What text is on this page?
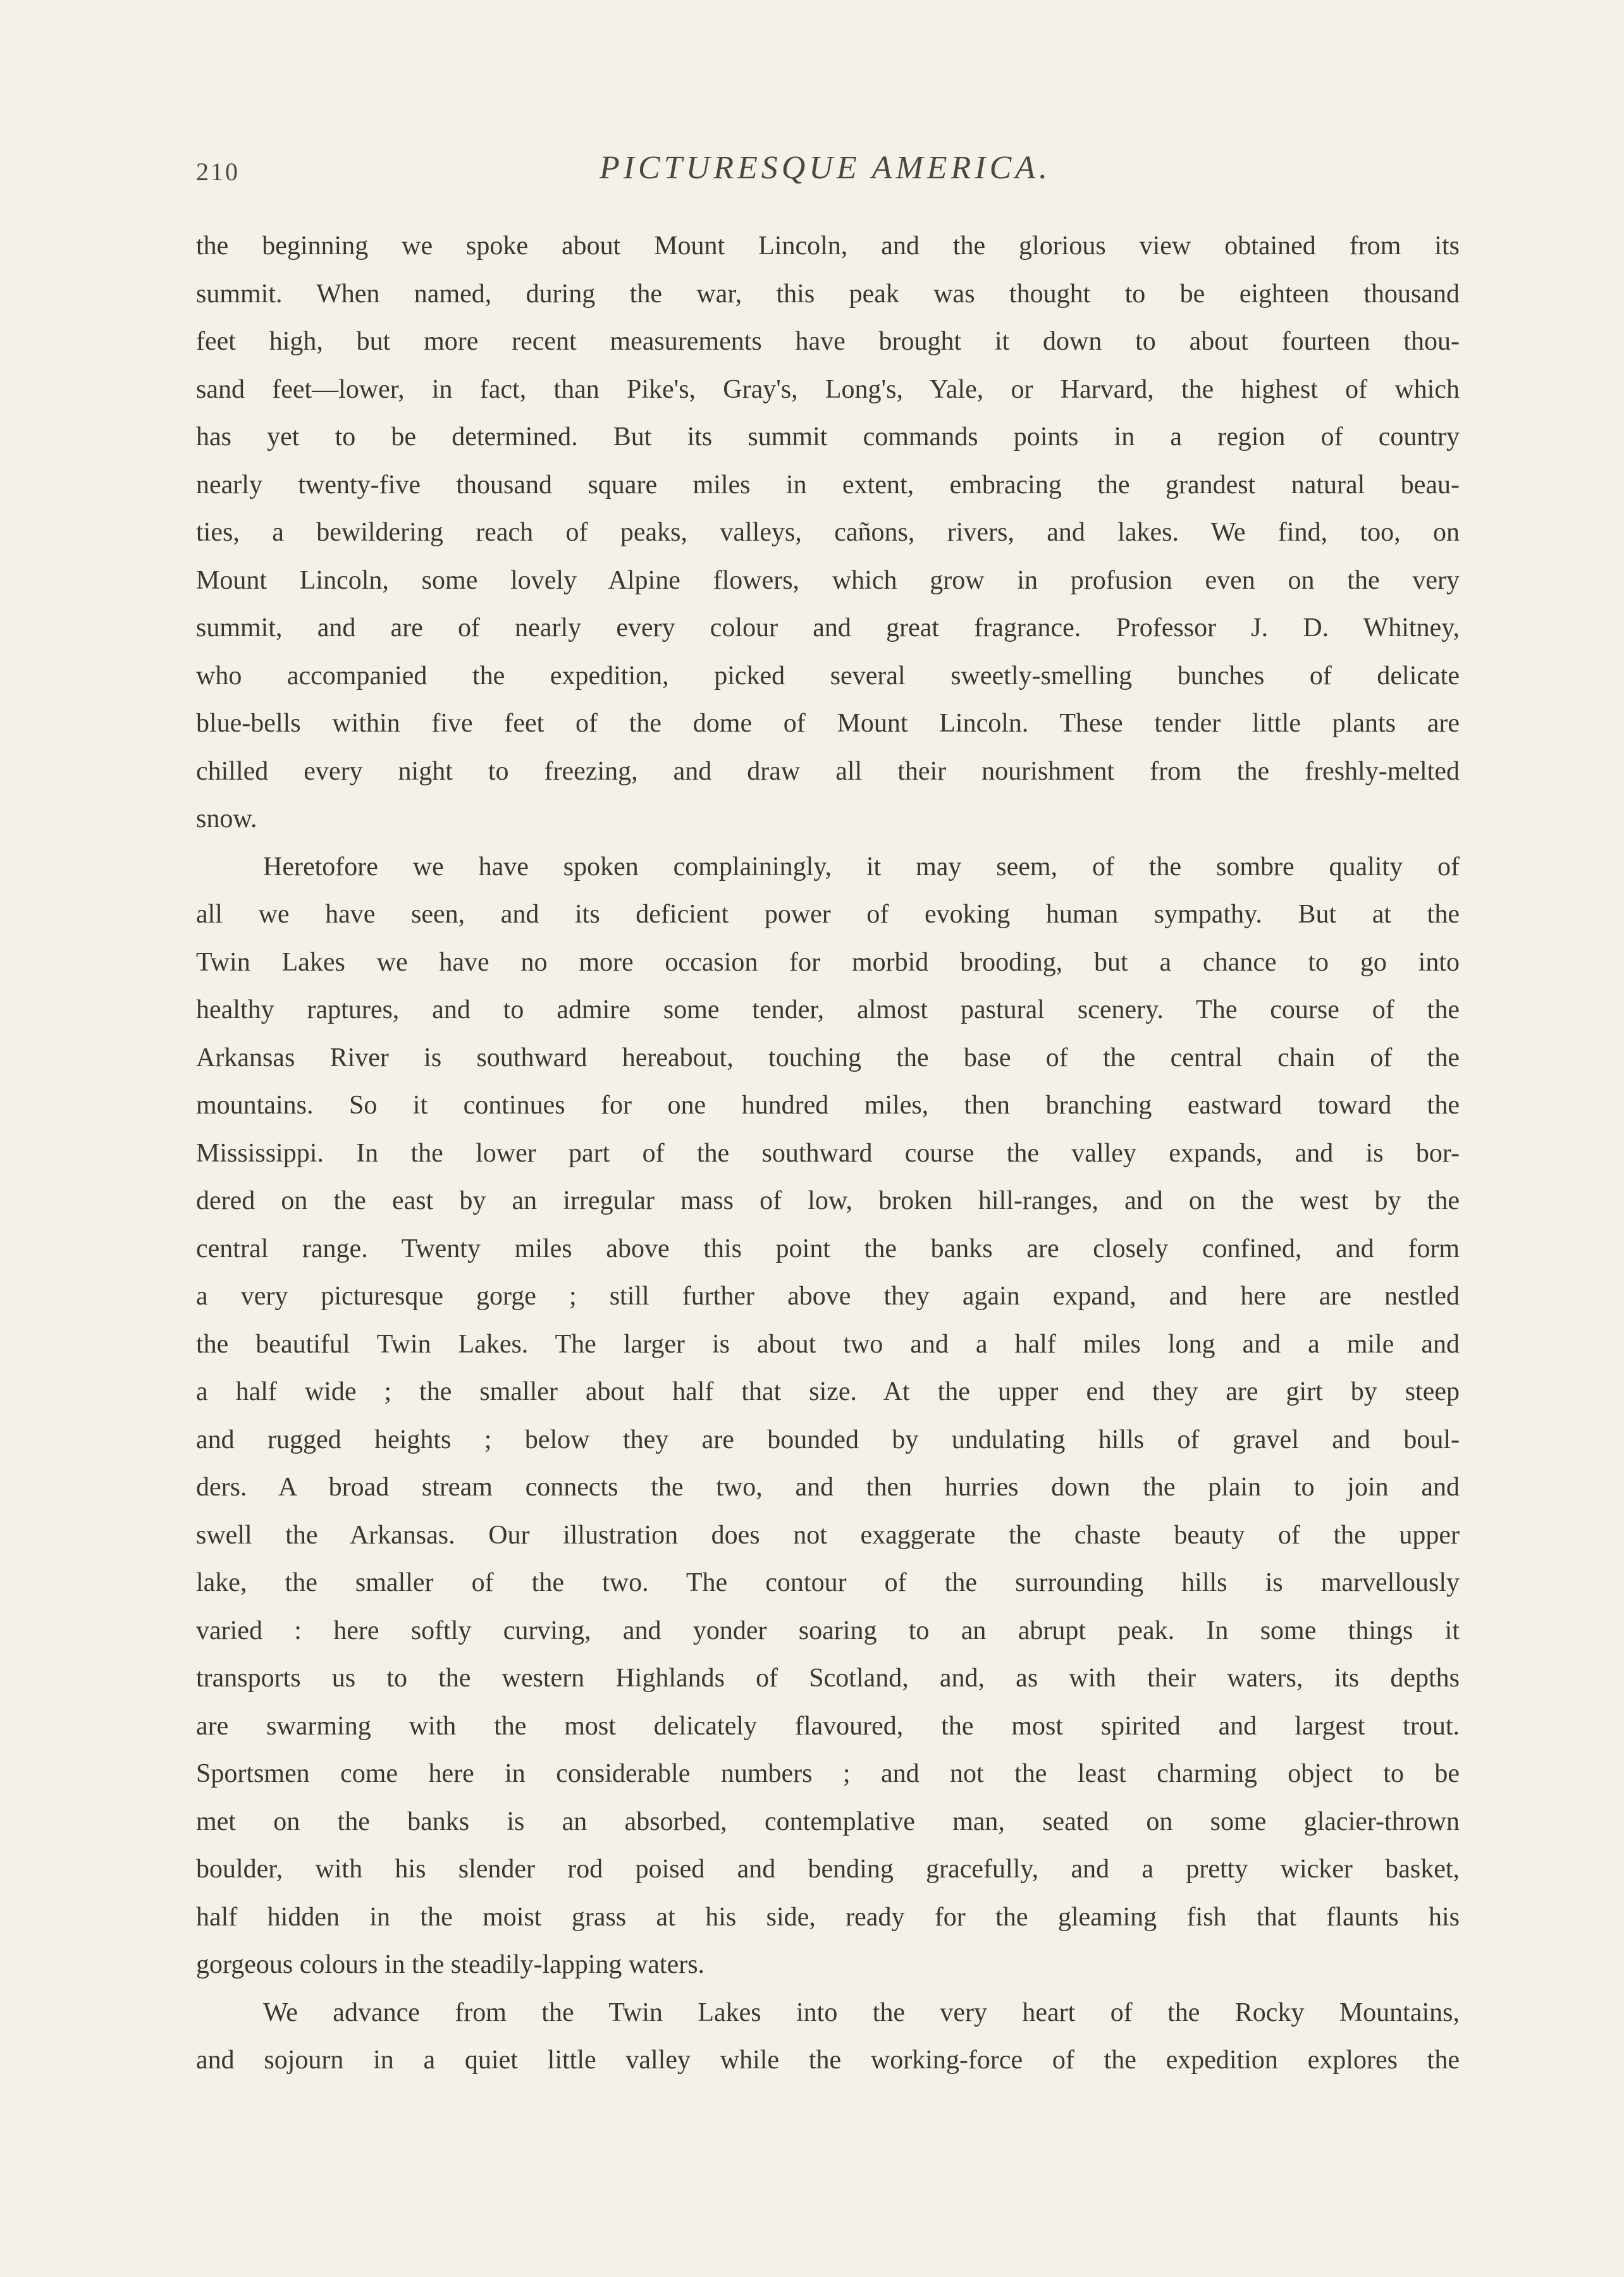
210	PICTURESQUE AMERICA.
the beginning we spoke about Mount Lincoln, and the glorious view obtained from its
summit. When named, during the war, this peak was thought to be eighteen thousand
feet high, but more recent measurements have brought it down to about fourteen thou-
sand feet—lower, in fact, than Pike's, Gray's, Long's, Yale, or Harvard, the highest of which
has yet to be determined. But its summit commands points in a region of country
nearly twenty-five thousand square miles in extent, embracing the grandest natural beau-
ties, a bewildering reach of peaks, valleys, cañons, rivers, and lakes. We find, too, on
Mount Lincoln, some lovely Alpine flowers, which grow in profusion even on the very
summit, and are of nearly every colour and great fragrance. Professor J. D. Whitney,
who accompanied the expedition, picked several sweetly-smelling bunches of delicate
blue-bells within five feet of the dome of Mount Lincoln. These tender little plants are
chilled every night to freezing, and draw all their nourishment from the freshly-melted
snow.
Heretofore we have spoken complainingly, it may seem, of the sombre quality of
all we have seen, and its deficient power of evoking human sympathy. But at the
Twin Lakes we have no more occasion for morbid brooding, but a chance to go into
healthy raptures, and to admire some tender, almost pastural scenery. The course of the
Arkansas River is southward hereabout, touching the base of the central chain of the
mountains. So it continues for one hundred miles, then branching eastward toward the
Mississippi. In the lower part of the southward course the valley expands, and is bor-
dered on the east by an irregular mass of low, broken hill-ranges, and on the west by the
central range. Twenty miles above this point the banks are closely confined, and form
a very picturesque gorge ; still further above they again expand, and here are nestled
the beautiful Twin Lakes. The larger is about two and a half miles long and a mile and
a half wide ; the smaller about half that size. At the upper end they are girt by steep
and rugged heights ; below they are bounded by undulating hills of gravel and boul-
ders. A broad stream connects the two, and then hurries down the plain to join and
swell the Arkansas. Our illustration does not exaggerate the chaste beauty of the upper
lake, the smaller of the two. The contour of the surrounding hills is marvellously
varied : here softly curving, and yonder soaring to an abrupt peak. In some things it
transports us to the western Highlands of Scotland, and, as with their waters, its depths
are swarming with the most delicately flavoured, the most spirited and largest trout.
Sportsmen come here in considerable numbers ; and not the least charming object to be
met on the banks is an absorbed, contemplative man, seated on some glacier-thrown
boulder, with his slender rod poised and bending gracefully, and a pretty wicker basket,
half hidden in the moist grass at his side, ready for the gleaming fish that flaunts his
gorgeous colours in the steadily-lapping waters.
We advance from the Twin Lakes into the very heart of the Rocky Mountains,
and sojourn in a quiet little valley while the working-force of the expedition explores the
